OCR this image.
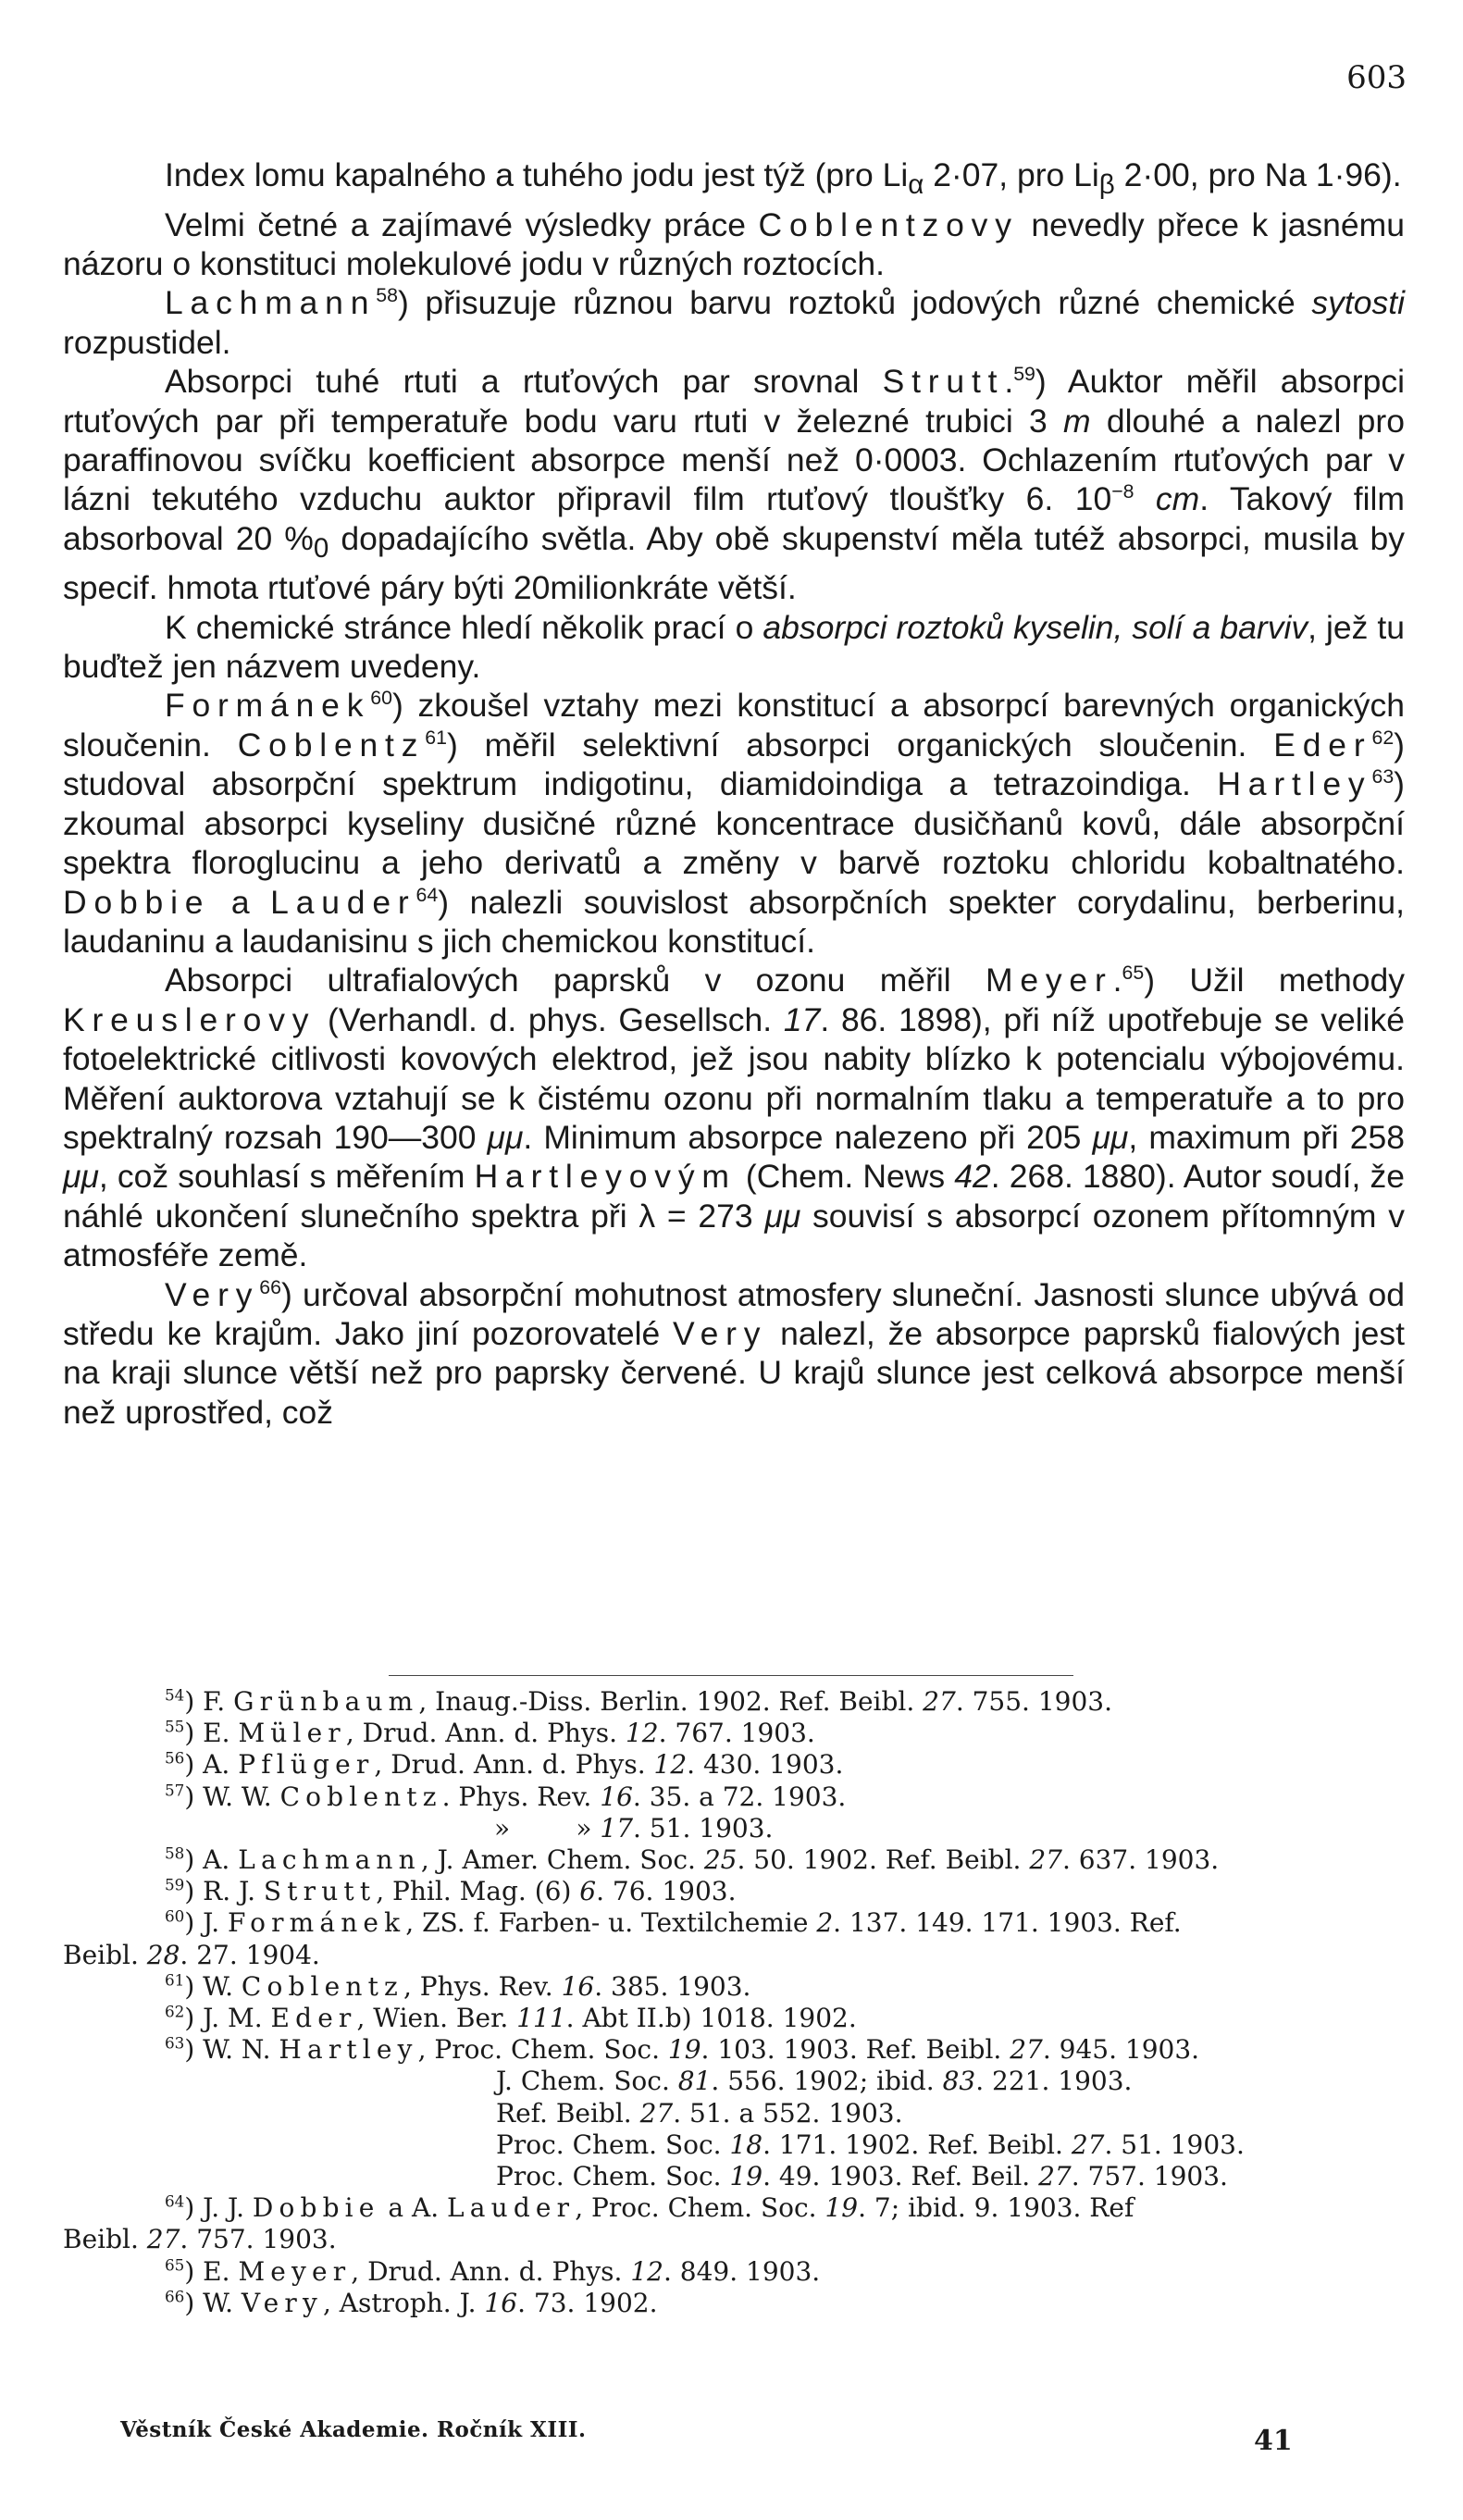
603

Index lomu kapalného a tuhého jodu jest týž (pro $Li_\alpha$ 2·07, pro $Li_\beta$ 2·00, pro Na 1·96).

Velmi četné a zajímavé výsledky práce Coblentzovy nevedly přece k jasnému názoru o konstituci molekulové jodu v různých roztocích.

Lachmann$^{58}$) přisuzuje různou barvu roztoků jodových různé chemické sytosti rozpustidel.

Absorpci tuhé rtuti a rtuťových par srovnal Strutt.$^{59}$) Auktor měřil absorpci rtuťových par při temperatuře bodu varu rtuti v železné trubici 3 m dlouhé a nalezl pro paraffinovou svíčku koefficient absorpce menší než 0·0003. Ochlazením rtuťových par v lázni tekutého vzduchu auktor připravil film rtuťový tloušťky 6. $10^{-8}$ cm. Takový film absorboval 20 $\%_0$ dopadajícího světla. Aby obě skupenství měla tutéž absorpci, musila by specif. hmota rtuťové páry býti 20milionkráte větší.

K chemické stránce hledí několik prací o absorpci roztoků kyselin, solí a barviv, jež tu buďtež jen názvem uvedeny.

Formánek$^{60}$) zkoušel vztahy mezi konstitucí a absorpcí barevných organických sloučenin. Coblentz$^{61}$) měřil selektivní absorpci organických sloučenin. Eder$^{62}$) studoval absorpční spektrum indigotinu, diamidoindiga a tetrazoindiga. Hartley$^{63}$) zkoumal absorpci kyseliny dusičné různé koncentrace dusičňanů kovů, dále absorpční spektra floroglucinu a jeho derivatů a změny v barvě roztoku chloridu kobaltnatého. Dobbie a Lauder$^{64}$) nalezli souvislost absorpčních spekter corydalinu, berberinu, laudaninu a laudanisinu s jich chemickou konstitucí.

Absorpci ultrafialových paprsků v ozonu měřil Meyer.$^{65}$) Užil methody Kreuslerovy (Verhandl. d. phys. Gesellsch. 17. 86. 1898), při níž upotřebuje se veliké fotoelektrické citlivosti kovových elektrod, jež jsou nabity blízko k potencialu výbojovému. Měření auktorova vztahují se k čistému ozonu při normalním tlaku a temperatuře a to pro spektralný rozsah 190—300 μμ. Minimum absorpce nalezeno při 205 μμ, maximum při 258 μμ, což souhlasí s měřením Hartleyovým (Chem. News 42. 268. 1880). Autor soudí, že náhlé ukončení slunečního spektra při λ = 273 μμ souvisí s absorpcí ozonem přítomným v atmosféře země.

Very$^{66}$) určoval absorpční mohutnost atmosfery sluneční. Jasnosti slunce ubývá od středu ke krajům. Jako jiní pozorovatelé Very nalezl, že absorpce paprsků fialových jest na kraji slunce větší než pro paprsky červené. U krajů slunce jest celková absorpce menší než uprostřed, což

$^{54}$) F. Grünbaum, Inaug.-Diss. Berlin. 1902. Ref. Beibl. 27. 755. 1903.

$^{55}$) E. Müler, Drud. Ann. d. Phys. 12. 767. 1903.

$^{56}$) A. Pflüger, Drud. Ann. d. Phys. 12. 430. 1903.

$^{57}$) W. W. Coblentz. Phys. Rev. 16. 35. a 72. 1903.

»        » 17. 51. 1903.

$^{58}$) A. Lachmann, J. Amer. Chem. Soc. 25. 50. 1902. Ref. Beibl. 27. 637. 1903.

$^{59}$) R. J. Strutt, Phil. Mag. (6) 6. 76. 1903.

$^{60}$) J. Formánek, ZS. f. Farben- u. Textilchemie 2. 137. 149. 171. 1903. Ref.

Beibl. 28. 27. 1904.

$^{61}$) W. Coblentz, Phys. Rev. 16. 385. 1903.

$^{62}$) J. M. Eder, Wien. Ber. 111. Abt II.b) 1018. 1902.

$^{63}$) W. N. Hartley, Proc. Chem. Soc. 19. 103. 1903. Ref. Beibl. 27. 945. 1903.

J. Chem. Soc. 81. 556. 1902; ibid. 83. 221. 1903.

Ref. Beibl. 27. 51. a 552. 1903.

Proc. Chem. Soc. 18. 171. 1902. Ref. Beibl. 27. 51. 1903.

Proc. Chem. Soc. 19. 49. 1903. Ref. Beil. 27. 757. 1903.

$^{64}$) J. J. Dobbie a A. Lauder, Proc. Chem. Soc. 19. 7; ibid. 9. 1903. Ref

Beibl. 27. 757. 1903.

$^{65}$) E. Meyer, Drud. Ann. d. Phys. 12. 849. 1903.

$^{66}$) W. Very, Astroph. J. 16. 73. 1902.

Věstník České Akademie. Ročník XIII.	41
